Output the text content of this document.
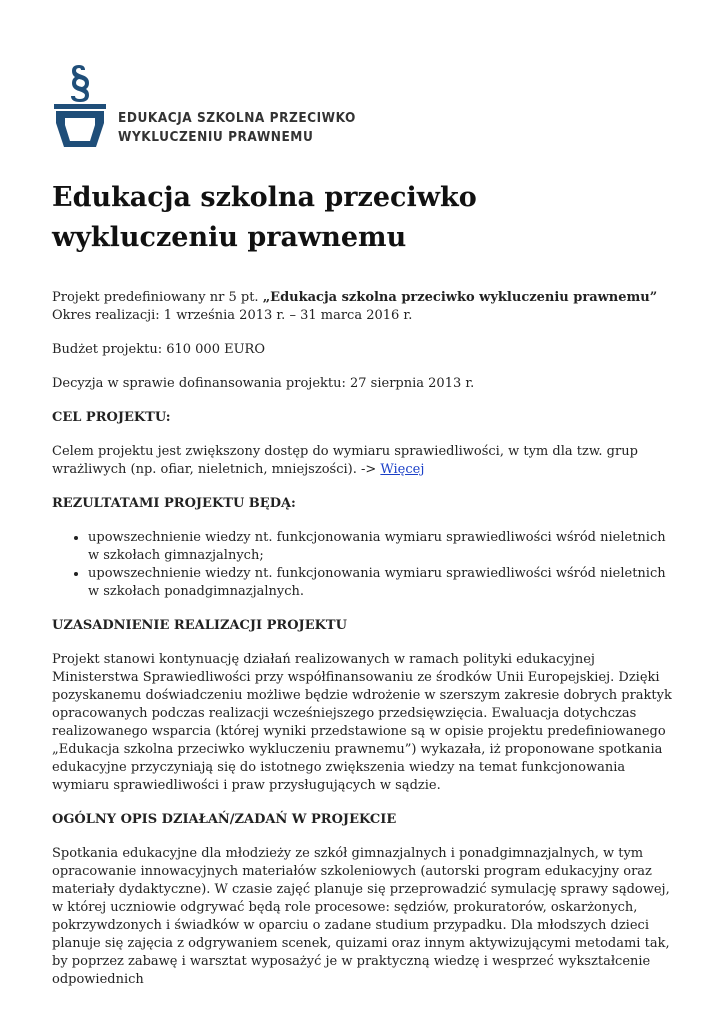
EDUKACJA SZKOLNA PRZECIWKO
WYKLUCZENIU PRAWNEMU
Edukacja szkolna przeciwko wykluczeniu prawnemu

Projekt predefiniowany nr 5 pt. „Edukacja szkolna przeciwko wykluczeniu prawnemu”
Okres realizacji: 1 września 2013 r. – 31 marca 2016 r.

Budżet projektu: 610 000 EURO

Decyzja w sprawie dofinansowania projektu: 27 sierpnia 2013 r.

CEL PROJEKTU:

Celem projektu jest zwiększony dostęp do wymiaru sprawiedliwości, w tym dla tzw. grup wrażliwych (np. ofiar, nieletnich, mniejszości). -> Więcej

REZULTATAMI PROJEKTU BĘDĄ:
• upowszechnienie wiedzy nt. funkcjonowania wymiaru sprawiedliwości wśród nieletnich w szkołach gimnazjalnych;
• upowszechnienie wiedzy nt. funkcjonowania wymiaru sprawiedliwości wśród nieletnich w szkołach ponadgimnazjalnych.
UZASADNIENIE REALIZACJI PROJEKTU

Projekt stanowi kontynuację działań realizowanych w ramach polityki edukacyjnej Ministerstwa Sprawiedliwości przy współfinansowaniu ze środków Unii Europejskiej. Dzięki pozyskanemu doświadczeniu możliwe będzie wdrożenie w szerszym zakresie dobrych praktyk opracowanych podczas realizacji wcześniejszego przedsięwzięcia. Ewaluacja dotychczas realizowanego wsparcia (której wyniki przedstawione są w opisie projektu predefiniowanego „Edukacja szkolna przeciwko wykluczeniu prawnemu”) wykazała, iż proponowane spotkania edukacyjne przyczyniają się do istotnego zwiększenia wiedzy na temat funkcjonowania wymiaru sprawiedliwości i praw przysługujących w sądzie.

OGÓLNY OPIS DZIAŁAŃ/ZADAŃ W PROJEKCIE

Spotkania edukacyjne dla młodzieży ze szkół gimnazjalnych i ponadgimnazjalnych, w tym opracowanie innowacyjnych materiałów szkoleniowych (autorski program edukacyjny oraz materiały dydaktyczne). W czasie zajęć planuje się przeprowadzić symulację sprawy sądowej, w której uczniowie odgrywać będą role procesowe: sędziów, prokuratorów, oskarżonych, pokrzywdzonych i świadków w oparciu o zadane studium przypadku. Dla młodszych dzieci planuje się zajęcia z odgrywaniem scenek, quizami oraz innym aktywizującymi metodami tak, by poprzez zabawę i warsztat wyposażyć je w praktyczną wiedzę i wesprzeć wykształcenie odpowiednich
